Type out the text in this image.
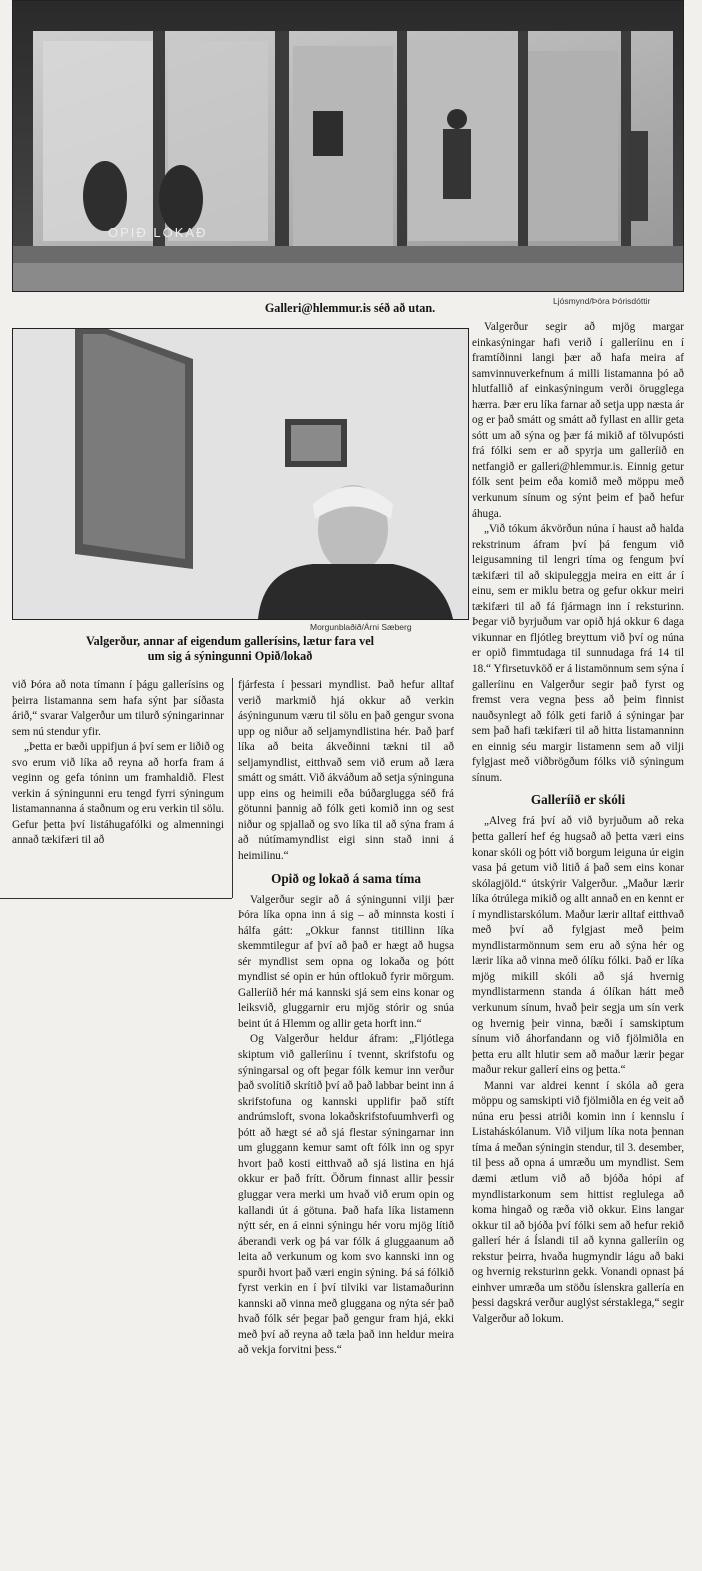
OPIÐ LOKAÐ
Ljósmynd/Þóra Þórisdóttir
Galleri@hlemmur.is séð að utan.
Morgunblaðið/Árni Sæberg
Valgerður, annar af eigendum gallerísins, lætur fara vel
um sig á sýningunni Opið/lokað

við Þóra að nota tímann í þágu gallerísins og þeirra listamanna sem hafa sýnt þar síðasta árið,“ svarar Valgerður um tilurð sýningarinnar sem nú stendur yfir.

„Þetta er bæði uppifjun á því sem er liðið og svo erum við líka að reyna að horfa fram á veginn og gefa tóninn um framhaldið. Flest verkin á sýningunni eru tengd fyrri sýningum listamannanna á staðnum og eru verkin til sölu. Gefur þetta því listáhugafólki og almenningi annað tækifæri til að

fjárfesta í þessari myndlist. Það hefur alltaf verið markmið hjá okkur að verkin ásýningunum væru til sölu en það gengur svona upp og niður að seljamyndlistina hér. Það þarf líka að beita ákveðinni tækni til að seljamyndlist, eitthvað sem við erum að læra smátt og smátt. Við ákváðum að setja sýninguna upp eins og heimili eða búðarglugga séð frá götunni þannig að fólk geti komið inn og sest niður og spjallað og svo líka til að sýna fram á að nútímamyndlist eigi sinn stað inni á heimilinu.“

Opið og lokað á sama tíma

Valgerður segir að á sýningunni vilji þær Þóra líka opna inn á sig – að minnsta kosti í hálfa gátt: „Okkur fannst titillinn líka skemmtilegur af því að það er hægt að hugsa sér myndlist sem opna og lokaða og þótt myndlist sé opin er hún oftlokuð fyrir mörgum. Galleríið hér má kannski sjá sem eins konar og leiksvið, gluggarnir eru mjög stórir og snúa beint út á Hlemm og allir geta horft inn.“

Og Valgerður heldur áfram: „Fljótlega skiptum við galleríinu í tvennt, skrifstofu og sýningarsal og oft þegar fólk kemur inn verður það svolítið skrítið því að það labbar beint inn á skrifstofuna og kannski upplifir það stíft andrúmsloft, svona lokaðskrifstofuumhverfi og þótt að hægt sé að sjá flestar sýningarnar inn um gluggann kemur samt oft fólk inn og spyr hvort það kosti eitthvað að sjá listina en hjá okkur er það frítt. Öðrum finnast allir þessir gluggar vera merki um hvað við erum opin og kallandi út á götuna. Það hafa líka listamenn nýtt sér, en á einni sýningu hér voru mjög lítið áberandi verk og þá var fólk á gluggaanum að leita að verkunum og kom svo kannski inn og spurði hvort það væri engin sýning. Þá sá fólkið fyrst verkin en í því tilviki var listamaðurinn kannski að vinna með gluggana og nýta sér það hvað fólk sér þegar það gengur fram hjá, ekki með því að reyna að tæla það inn heldur meira að vekja forvitni þess.“

Valgerður segir að mjög margar einkasýningar hafi verið í galleríinu en í framtíðinni langi þær að hafa meira af samvinnuverkefnum á milli listamanna þó að hlutfallið af einkasýningum verði örugglega hærra. Þær eru líka farnar að setja upp næsta ár og er það smátt og smátt að fyllast en allir geta sótt um að sýna og þær fá mikið af tölvupósti frá fólki sem er að spyrja um galleríið en netfangið er galleri@hlemmur.is. Einnig getur fólk sent þeim eða komið með möppu með verkunum sínum og sýnt þeim ef það hefur áhuga.

„Við tókum ákvörðun núna í haust að halda rekstrinum áfram því þá fengum við leigusamning til lengri tíma og fengum því tækifæri til að skipuleggja meira en eitt ár í einu, sem er miklu betra og gefur okkur meiri tækifæri til að fá fjármagn inn í reksturinn. Þegar við byrjuðum var opið hjá okkur 6 daga vikunnar en fljótleg breyttum við því og núna er opið fimmtudaga til sunnudaga frá 14 til 18.“ Yfirsetuvköð er á listamönnum sem sýna í galleríinu en Valgerður segir það fyrst og fremst vera vegna þess að þeim finnist nauðsynlegt að fólk geti farið á sýningar þar sem það hafi tækifæri til að hitta listamanninn en einnig séu margir listamenn sem að vilji fylgjast með viðbrögðum fólks við sýningum sínum.

Galleríið er skóli

„Alveg frá því að við byrjuðum að reka þetta gallerí hef ég hugsað að þetta væri eins konar skóli og þótt við borgum leiguna úr eigin vasa þá getum við litið á það sem eins konar skólagjöld.“ útskýrir Valgerður. „Maður lærir líka ótrúlega mikið og allt annað en en kennt er í myndlistarskólum. Maður lærir alltaf eitthvað með því að fylgjast með þeim myndlistarmönnum sem eru að sýna hér og lærir líka að vinna með ólíku fólki. Það er líka mjög mikill skóli að sjá hvernig myndlistarmenn standa á ólíkan hátt með verkunum sínum, hvað þeir segja um sín verk og hvernig þeir vinna, bæði í samskiptum sínum við áhorfandann og við fjölmiðla en þetta eru allt hlutir sem að maður lærir þegar maður rekur gallerí eins og þetta.“

Manni var aldrei kennt í skóla að gera möppu og samskipti við fjölmiðla en ég veit að núna eru þessi atriði komin inn í kennslu í Listaháskólanum. Við viljum líka nota þennan tíma á meðan sýningin stendur, til 3. desember, til þess að opna á umræðu um myndlist. Sem dæmi ætlum við að bjóða hópi af myndlistarkonum sem hittist reglulega að koma hingað og ræða við okkur. Eins langar okkur til að bjóða því fólki sem að hefur rekið gallerí hér á Íslandi til að kynna galleríin og rekstur þeirra, hvaða hugmyndir lágu að baki og hvernig reksturinn gekk. Vonandi opnast þá einhver umræða um stöðu íslenskra gallería en þessi dagskrá verður auglýst sérstaklega,“ segir Valgerður að lokum.
